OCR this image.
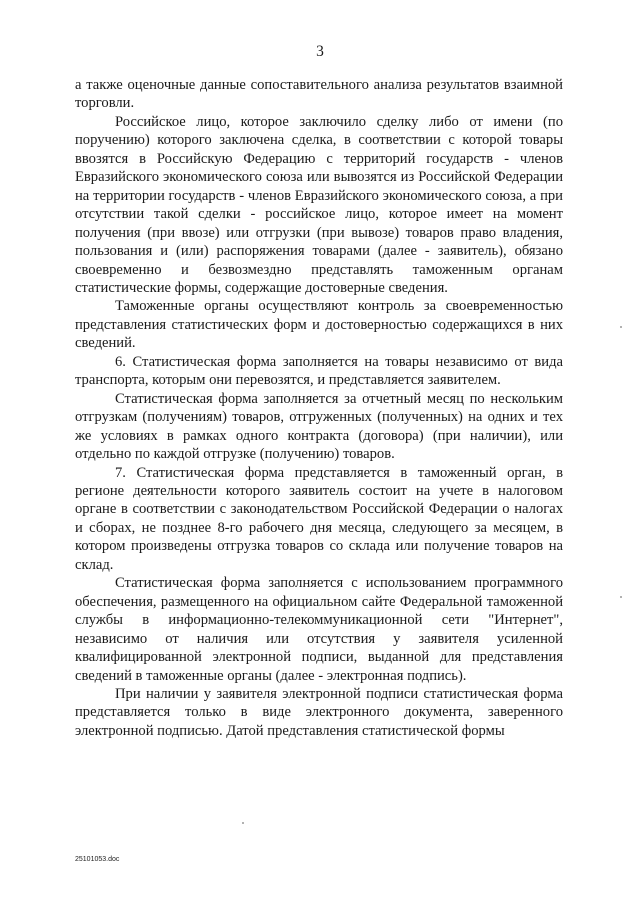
3

а также оценочные данные сопоставительного анализа результатов взаимной торговли.

Российское лицо, которое заключило сделку либо от имени (по поручению) которого заключена сделка, в соответствии с которой товары ввозятся в Российскую Федерацию с территорий государств - членов Евразийского экономического союза или вывозятся из Российской Федерации на территории государств - членов Евразийского экономического союза, а при отсутствии такой сделки - российское лицо, которое имеет на момент получения (при ввозе) или отгрузки (при вывозе) товаров право владения, пользования и (или) распоряжения товарами (далее - заявитель), обязано своевременно и безвозмездно представлять таможенным органам статистические формы, содержащие достоверные сведения.

Таможенные органы осуществляют контроль за своевременностью представления статистических форм и достоверностью содержащихся в них сведений.

6. Статистическая форма заполняется на товары независимо от вида транспорта, которым они перевозятся, и представляется заявителем.

Статистическая форма заполняется за отчетный месяц по нескольким отгрузкам (получениям) товаров, отгруженных (полученных) на одних и тех же условиях в рамках одного контракта (договора) (при наличии), или отдельно по каждой отгрузке (получению) товаров.

7. Статистическая форма представляется в таможенный орган, в регионе деятельности которого заявитель состоит на учете в налоговом органе в соответствии с законодательством Российской Федерации о налогах и сборах, не позднее 8-го рабочего дня месяца, следующего за месяцем, в котором произведены отгрузка товаров со склада или получение товаров на склад.

Статистическая форма заполняется с использованием программного обеспечения, размещенного на официальном сайте Федеральной таможенной службы в информационно-телекоммуникационной сети "Интернет", независимо от наличия или отсутствия у заявителя усиленной квалифицированной электронной подписи, выданной для представления сведений в таможенные органы (далее - электронная подпись).

При наличии у заявителя электронной подписи статистическая форма представляется только в виде электронного документа, заверенного электронной подписью. Датой представления статистической формы

25101053.doc
